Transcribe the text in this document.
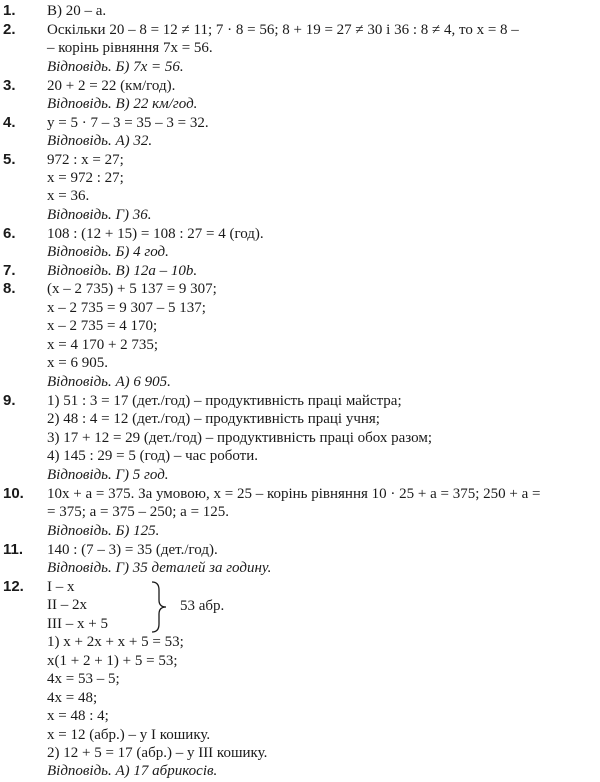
1.	В) 20 – a.
2.	Оскільки 20 – 8 = 12 ≠ 11; 7 · 8 = 56; 8 + 19 = 27 ≠ 30 і 36 : 8 ≠ 4, то x = 8 –
– корінь рівняння 7x = 56.
Відповідь. Б) 7x = 56.
3.	20 + 2 = 22 (км/год).
Відповідь. В) 22 км/год.
4.	y = 5 · 7 – 3 = 35 – 3 = 32.
Відповідь. А) 32.
5.	972 : x = 27;
x = 972 : 27;
x = 36.
Відповідь. Г) 36.
6.	108 : (12 + 15) = 108 : 27 = 4 (год).
Відповідь. Б) 4 год.
7.	Відповідь. В) 12a – 10b.
8.	(x – 2 735) + 5 137 = 9 307;
x – 2 735 = 9 307 – 5 137;
x – 2 735 = 4 170;
x = 4 170 + 2 735;
x = 6 905.
Відповідь. А) 6 905.
9.	1) 51 : 3 = 17 (дет./год) – продуктивність праці майстра;
2) 48 : 4 = 12 (дет./год) – продуктивність праці учня;
3) 17 + 12 = 29 (дет./год) – продуктивність праці обох разом;
4) 145 : 29 = 5 (год) – час роботи.
Відповідь. Г) 5 год.
10.	10x + a = 375. За умовою, x = 25 – корінь рівняння 10 · 25 + a = 375; 250 + a =
= 375; a = 375 – 250; a = 125.
Відповідь. Б) 125.
11.	140 : (7 – 3) = 35 (дет./год).
Відповідь. Г) 35 деталей за годину.
12.	I – x
II – 2x
III – x + 5
53 абр.
1) x + 2x + x + 5 = 53;
x(1 + 2 + 1) + 5 = 53;
4x = 53 – 5;
4x = 48;
x = 48 : 4;
x = 12 (абр.) – у I кошику.
2) 12 + 5 = 17 (абр.) – у III кошику.
Відповідь. А) 17 абрикосів.
